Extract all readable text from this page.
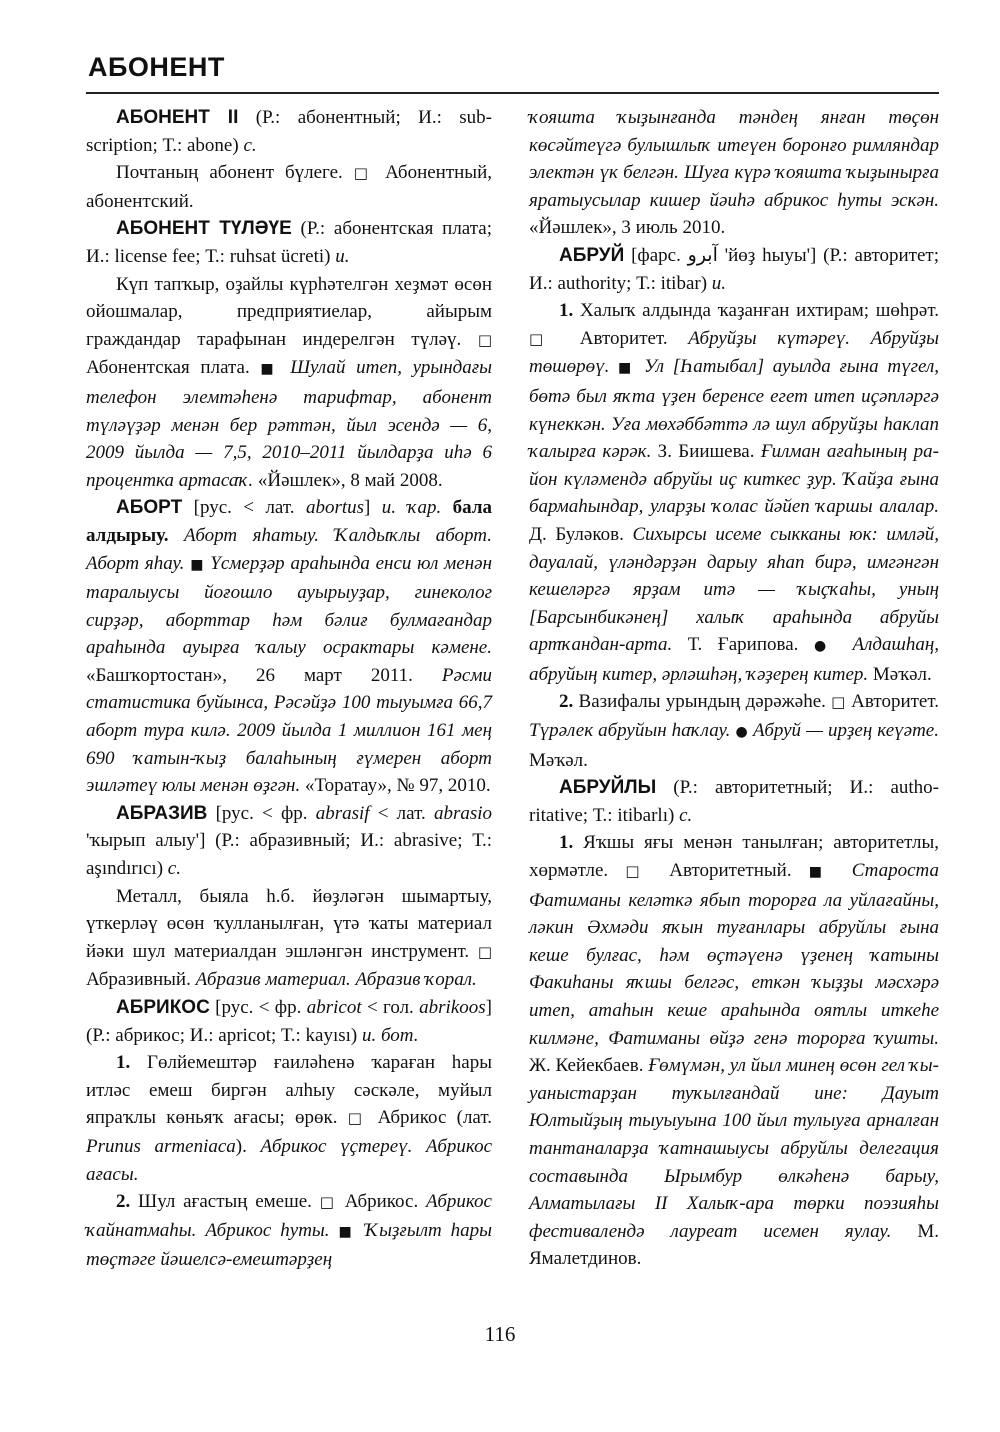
АБОНЕНТ

АБОНЕНТ II (Р.: абонентный; И.: subscription; Т.: abone) с.

Почтаның абонент бүлеге. □ Абонентный, абонентский.

АБОНЕНТ ТҮЛӘҮЕ (Р.: абонентская плата; И.: license fee; Т.: ruhsat ücreti) и.

Күп тапҡыр, оҙайлы күрһәтелгән хеҙмәт өсөн ойошмалар, предприятиелар, айырым граждандар тарафынан индерелгән түләү. □ Абонентская плата. ■ Шулай итеп, урындағы телефон элемтәһенә тарифтар, абонент түләүҙәр менән бер рәттән, йыл эсендә — 6, 2009 йылда — 7,5, 2010–2011 йылдарҙа иһә 6 процентка артасаҡ. «Йәшлек», 8 май 2008.

АБОРТ [рус. < лат. abortus] и. ҡар. бала алдырыу. Аборт яһатыу. Ҡалдыҡлы аборт. Аборт яһау. ■ Үсмерҙәр араһында енси юл менән таралыусы йоғошло ауырыуҙар, гинеколог сирҙәр, аборттар һәм бәлиғ булмағандар араһында ауырға ҡалыу осрактары кәмене. «Башҡортостан», 26 март 2011. Рәсми статистика буйынса, Рәсәйҙә 100 тыуымға 66,7 аборт тура килә. 2009 йылда 1 миллион 161 мең 690 ҡатын-ҡыҙ балаһының ғүмерен аборт эшләтеү юлы менән өҙгән. «Торатау», № 97, 2010.

АБРАЗИВ [рус. < фр. abrasif < лат. abrasio 'ҡырып алыу'] (Р.: абразивный; И.: abrasive; Т.: aşındırıcı) с.

Металл, быяла һ.б. йөҙләгән шымартыу, үткерләү өсөн ҡулланылған, үтә ҡаты материал йәки шул материалдан эшләнгән инструмент. □ Абразивный. Абразив материал. Абразив ҡорал.

АБРИКОС [рус. < фр. abricot < гол. abrikoos] (Р.: абрикос; И.: apricot; Т.: kayısı) и. бот.

1. Гөлйемештәр ғаиләһенә ҡараған һары итләс емеш биргән алһыу сәскәле, муйыл япраҡлы көньяҡ ағасы; өрөк. □ Абрикос (лат. Prunus armeniaca). Абрикос үҫтереү. Абрикос ағасы.

2. Шул ағастың емеше. □ Абрикос. Абрикос ҡайнатмаһы. Абрикос һуты. ■ Ҡыҙғылт һары төҫтәге йәшелсә-емештәрҙең

ҡояшта ҡыҙынғанда тәндең янған төҫөн көсәйтеүгә булышлыҡ итеүен боронғо римляндар электән үк белгән. Шуға күрә ҡояшта ҡыҙынырға яратыусылар кишер йәиһә абрикос һуты эскән. «Йәшлек», 3 июль 2010.

АБРУЙ [фарс. آبرو 'йөҙ һыуы'] (Р.: авторитет; И.: authority; Т.: itibar) и.

1. Халыҡ алдында ҡаҙанған ихтирам; шөһрәт. □ Авторитет. Абруйҙы күтәреү. Абруйҙы төшөрөү. ■ Ул [Һатыбал] ауылда ғына түгел, бөтә был яҡта үҙен беренсе егет итеп иҫәпләргә күнеккән. Уға мөхәббәттә лә шул абруйҙы һаклап ҡалырға кәрәк. З. Биишева. Ғилман ағаһының район күләмендә абруйы иҫ киткес ҙур. Ҡайҙа ғына бармаһындар, уларҙы ҡолас йәйеп ҡаршы алалар. Д. Буләков. Сихырсы исеме сыкканы юк: имләй, дауалай, үләндәрҙән дарыу яһап бирә, имгәнгән кешеләргә ярҙам итә — ҡыҫҡаһы, уның [Барсынбикәнең] халыҡ араһында абруйы артҡандан-арта. Т. Ғарипова. ● Алдашһаң, абруйың китер, әрләшһәң, ҡәҙерең китер. Мәҡәл.

2. Вазифалы урындың дәрәжәһе. □ Авторитет. Түрәлек абруйын һаҡлау. ● Абруй — ирҙең кеүәте. Мәҡәл.

АБРУЙЛЫ (Р.: авторитетный; И.: authoritative; Т.: itibarlı) с.

1. Яҡшы яғы менән танылған; авторитетлы, хөрмәтле. □ Авторитетный. ■ Староста Фатиманы келәткә ябып торорға ла уйлағайны, ләкин Әхмәди яҡын туғанлары абруйлы ғына кеше булғас, һәм өҫтәүенә үҙенең ҡатыны Факиһаны яҡшы белгәс, еткән ҡыҙҙы мәсхәрә итеп, атаһын кеше араһында оятлы иткеһе килмәне, Фатиманы өйҙә генә торорға ҡушты. Ж. Кейекбаев. Ғөмүмән, ул йыл минең өсөн гел ҡыуаныстарҙан туҡылғандай ине: Дауыт Юлтыйҙың тыуыуына 100 йыл тулыуға арналған тантаналарҙа ҡатнашыусы абруйлы делегация составында Ырымбур өлкәһенә барыу, Алматылағы II Халыҡ-ара төрки поэзияһы фестивалендә лауреат исемен яулау. М. Ямалетдинов.

116
